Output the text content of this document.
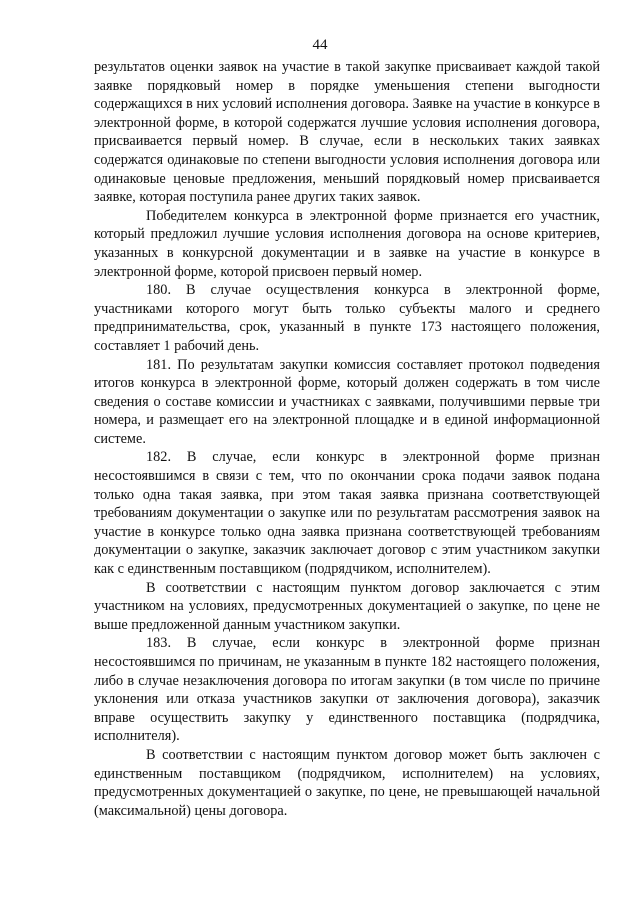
44

результатов оценки заявок на участие в такой закупке присваивает каждой такой заявке порядковый номер в порядке уменьшения степени выгодности содержащихся в них условий исполнения договора. Заявке на участие в конкурсе в электронной форме, в которой содержатся лучшие условия исполнения договора, присваивается первый номер. В случае, если в нескольких таких заявках содержатся одинаковые по степени выгодности условия исполнения договора или одинаковые ценовые предложения, меньший порядковый номер присваивается заявке, которая поступила ранее других таких заявок.

Победителем конкурса в электронной форме признается его участник, который предложил лучшие условия исполнения договора на основе критериев, указанных в конкурсной документации и в заявке на участие в конкурсе в электронной форме, которой присвоен первый номер.

180. В случае осуществления конкурса в электронной форме, участниками которого могут быть только субъекты малого и среднего предпринимательства, срок, указанный в пункте 173 настоящего положения, составляет 1 рабочий день.

181. По результатам закупки комиссия составляет протокол подведения итогов конкурса в электронной форме, который должен содержать в том числе сведения о составе комиссии и участниках с заявками, получившими первые три номера, и размещает его на электронной площадке и в единой информационной системе.

182. В случае, если конкурс в электронной форме признан несостоявшимся в связи с тем, что по окончании срока подачи заявок подана только одна такая заявка, при этом такая заявка признана соответствующей требованиям документации о закупке или по результатам рассмотрения заявок на участие в конкурсе только одна заявка признана соответствующей требованиям документации о закупке, заказчик заключает договор с этим участником закупки как с единственным поставщиком (подрядчиком, исполнителем).

В соответствии с настоящим пунктом договор заключается с этим участником на условиях, предусмотренных документацией о закупке, по цене не выше предложенной данным участником закупки.

183. В случае, если конкурс в электронной форме признан несостоявшимся по причинам, не указанным в пункте 182 настоящего положения, либо в случае незаключения договора по итогам закупки (в том числе по причине уклонения или отказа участников закупки от заключения договора), заказчик вправе осуществить закупку у единственного поставщика (подрядчика, исполнителя).

В соответствии с настоящим пунктом договор может быть заключен с единственным поставщиком (подрядчиком, исполнителем) на условиях, предусмотренных документацией о закупке, по цене, не превышающей начальной (максимальной) цены договора.
